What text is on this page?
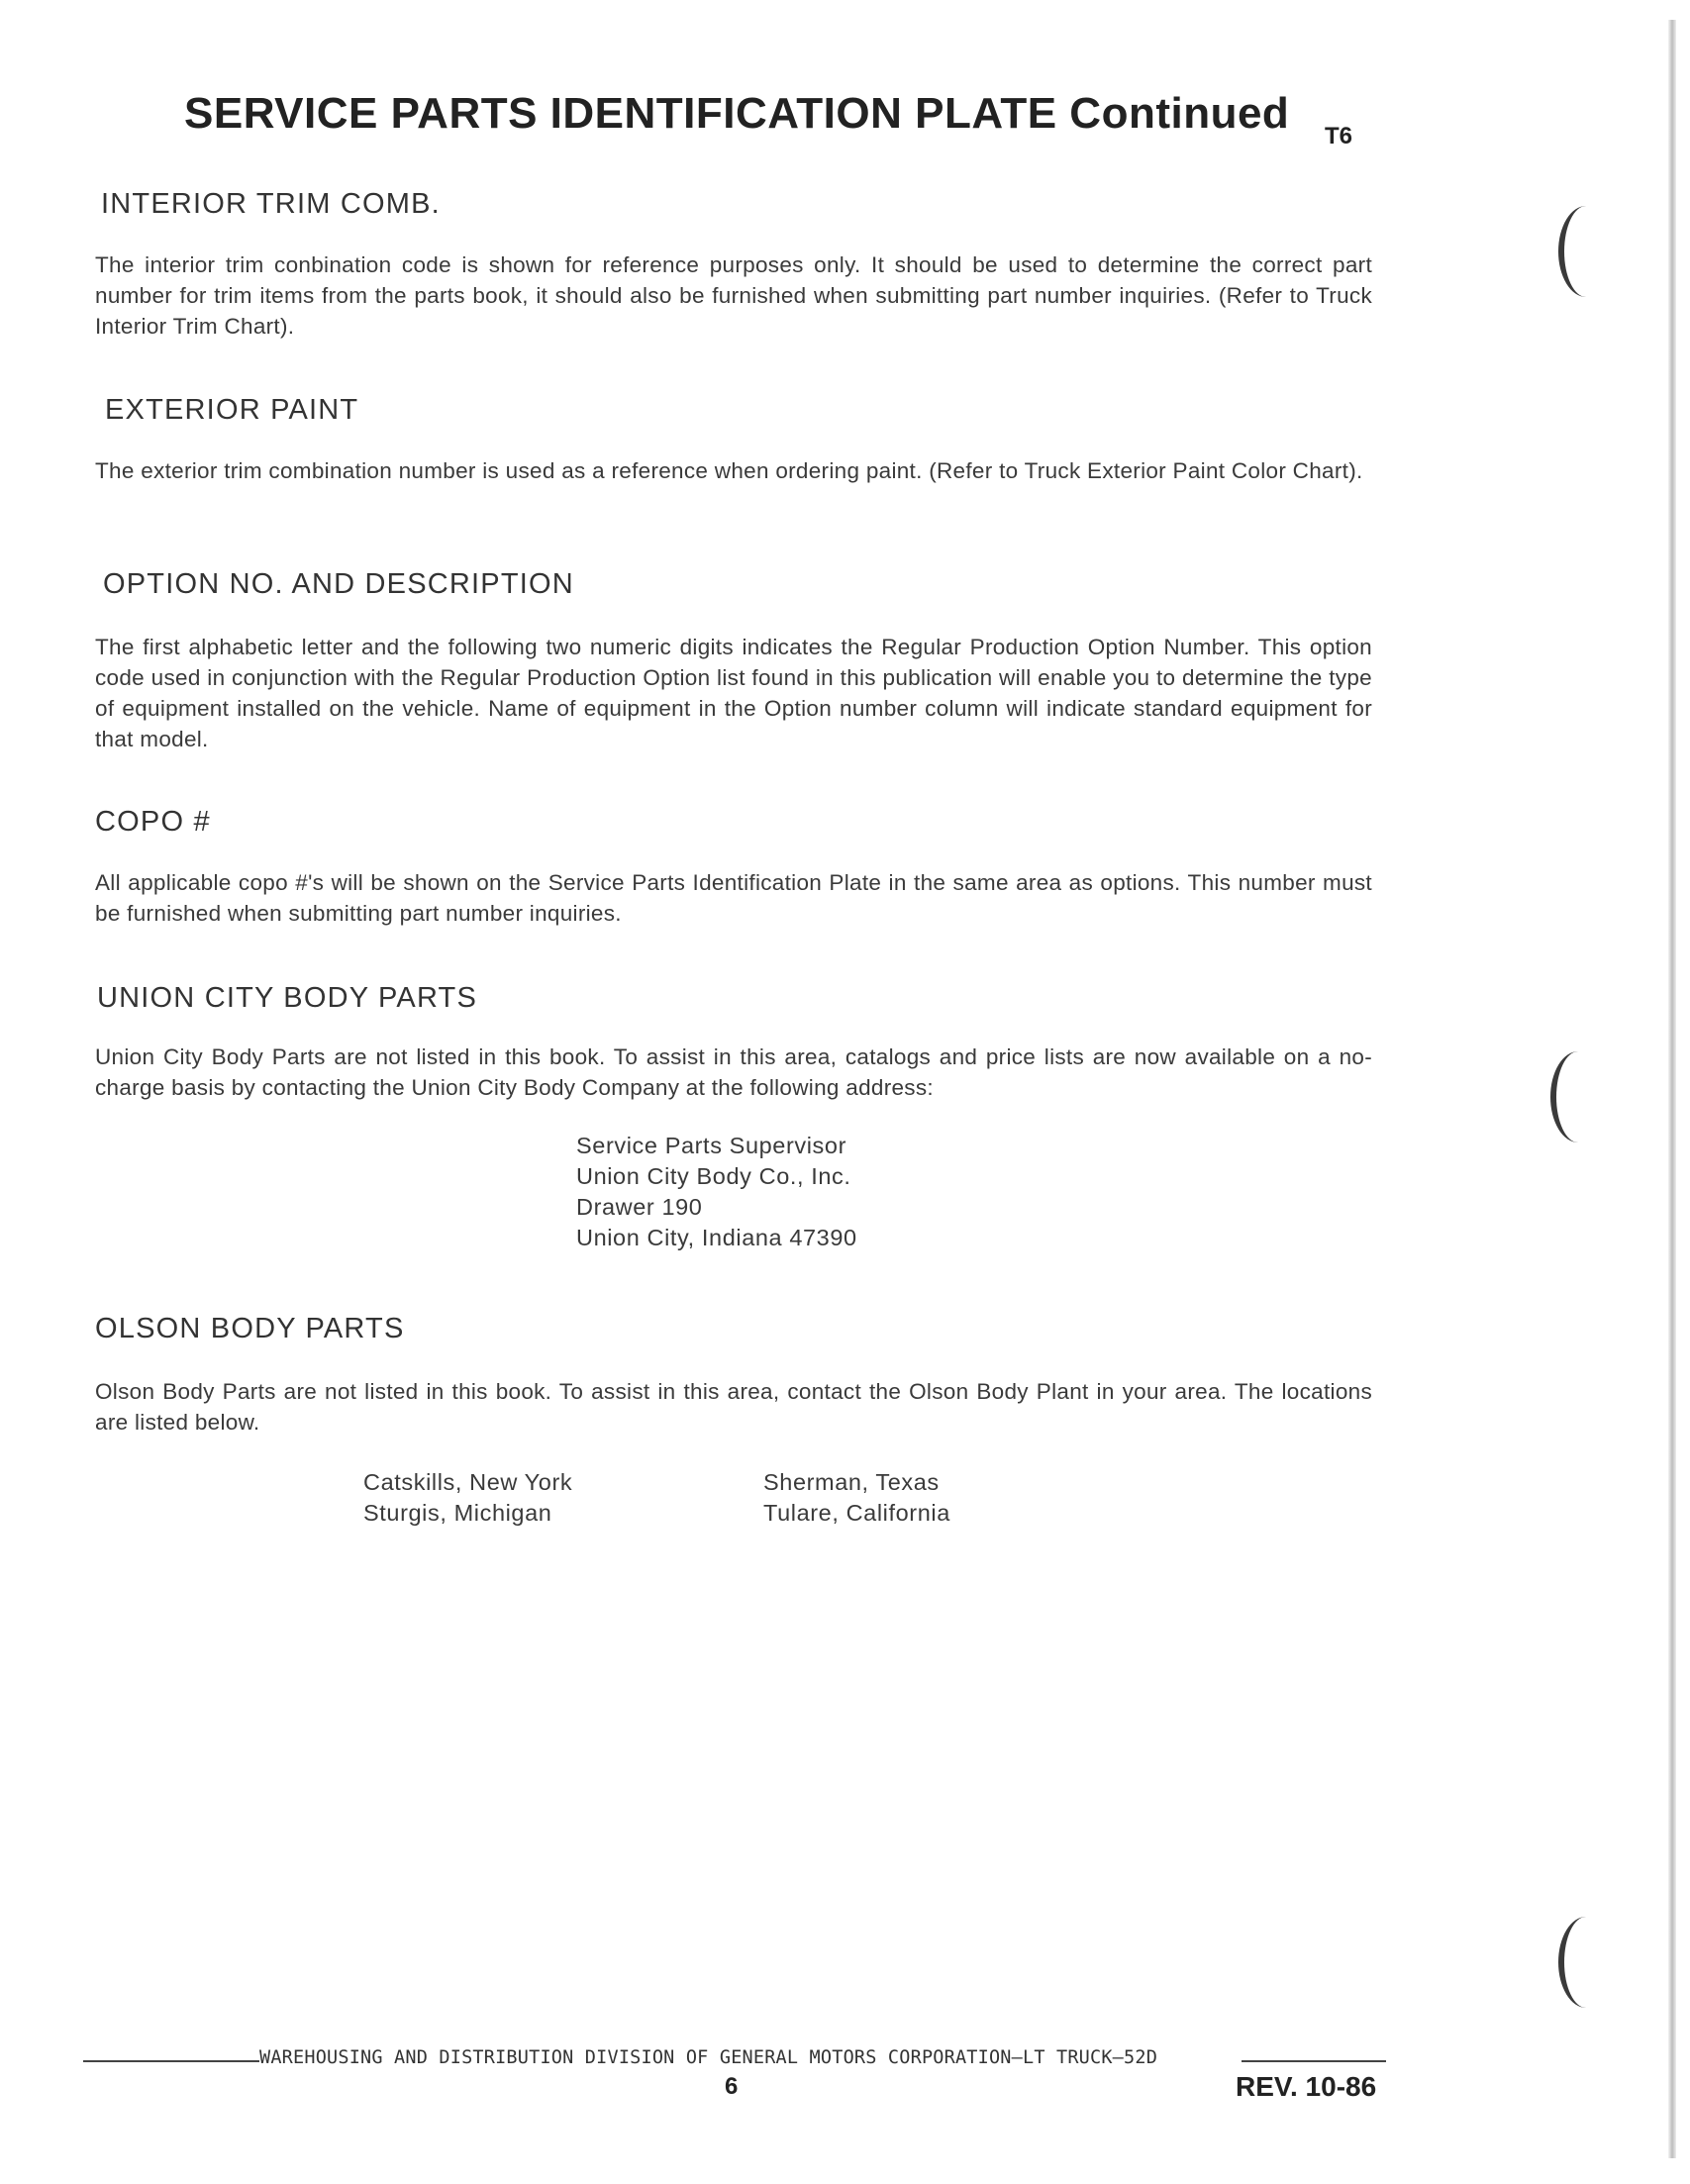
SERVICE PARTS IDENTIFICATION PLATE Continued T6
INTERIOR TRIM COMB.

The interior trim conbination code is shown for reference purposes only. It should be used to determine the correct part number for trim items from the parts book, it should also be furnished when submitting part number inquiries. (Refer to Truck Interior Trim Chart).

EXTERIOR PAINT

The exterior trim combination number is used as a reference when ordering paint. (Refer to Truck Exterior Paint Color Chart).

OPTION NO. AND DESCRIPTION

The first alphabetic letter and the following two numeric digits indicates the Regular Production Option Number. This option code used in conjunction with the Regular Production Option list found in this publication will enable you to determine the type of equipment installed on the vehicle. Name of equipment in the Option number column will indicate standard equipment for that model.

COPO #

All applicable copo #'s will be shown on the Service Parts Identification Plate in the same area as options. This number must be furnished when submitting part number inquiries.

UNION CITY BODY PARTS

Union City Body Parts are not listed in this book. To assist in this area, catalogs and price lists are now available on a no-charge basis by contacting the Union City Body Company at the following address:

Service Parts Supervisor
Union City Body Co., Inc.
Drawer 190
Union City, Indiana 47390
OLSON BODY PARTS

Olson Body Parts are not listed in this book. To assist in this area, contact the Olson Body Plant in your area. The locations are listed below.

Catskills, New York
Sturgis, Michigan
Sherman, Texas
Tulare, California
WAREHOUSING AND DISTRIBUTION DIVISION OF GENERAL MOTORS CORPORATION—LT TRUCK—52D
6	REV. 10-86
